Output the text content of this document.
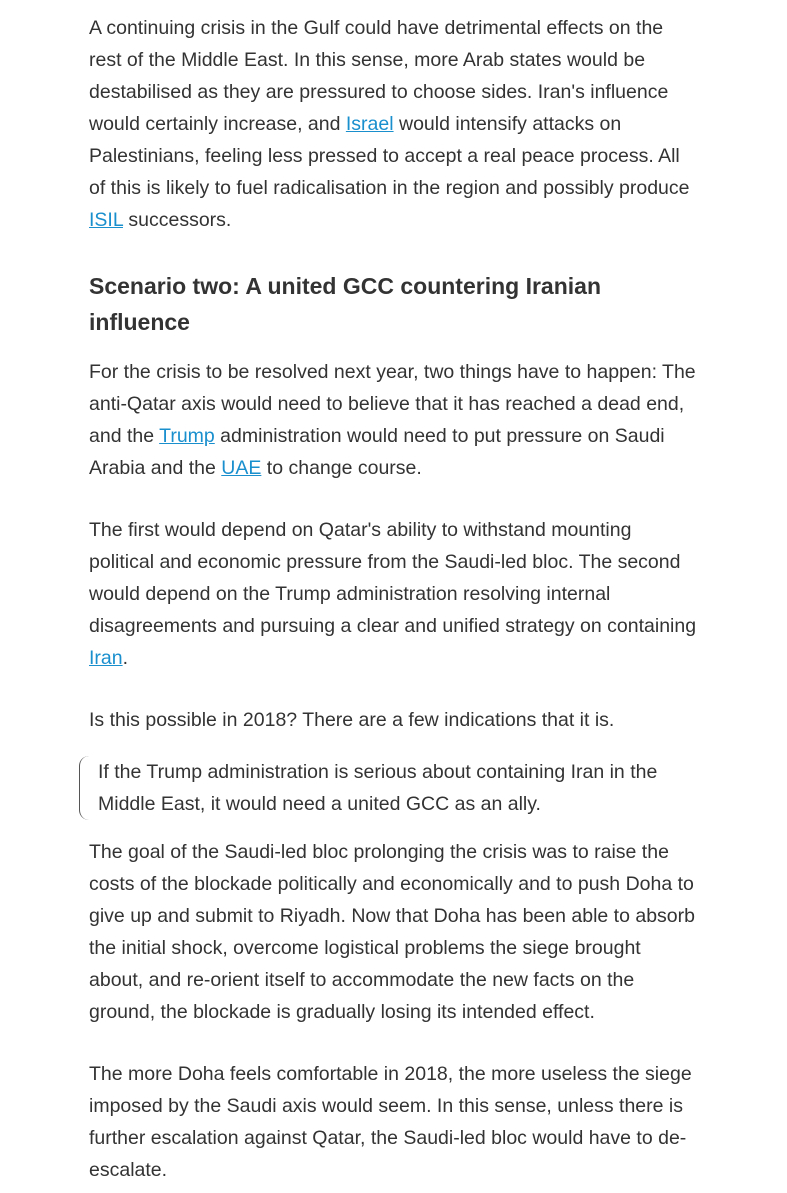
A continuing crisis in the Gulf could have detrimental effects on the rest of the Middle East. In this sense, more Arab states would be destabilised as they are pressured to choose sides. Iran's influence would certainly increase, and Israel would intensify attacks on Palestinians, feeling less pressed to accept a real peace process. All of this is likely to fuel radicalisation in the region and possibly produce ISIL successors.

Scenario two: A united GCC countering Iranian influence

For the crisis to be resolved next year, two things have to happen: The anti-Qatar axis would need to believe that it has reached a dead end, and the Trump administration would need to put pressure on Saudi Arabia and the UAE to change course.

The first would depend on Qatar's ability to withstand mounting political and economic pressure from the Saudi-led bloc. The second would depend on the Trump administration resolving internal disagreements and pursuing a clear and unified strategy on containing Iran.

Is this possible in 2018? There are a few indications that it is.

If the Trump administration is serious about containing Iran in the Middle East, it would need a united GCC as an ally.

The goal of the Saudi-led bloc prolonging the crisis was to raise the costs of the blockade politically and economically and to push Doha to give up and submit to Riyadh. Now that Doha has been able to absorb the initial shock, overcome logistical problems the siege brought about, and re-orient itself to accommodate the new facts on the ground, the blockade is gradually losing its intended effect.

The more Doha feels comfortable in 2018, the more useless the siege imposed by the Saudi axis would seem. In this sense, unless there is further escalation against Qatar, the Saudi-led bloc would have to de-escalate.
